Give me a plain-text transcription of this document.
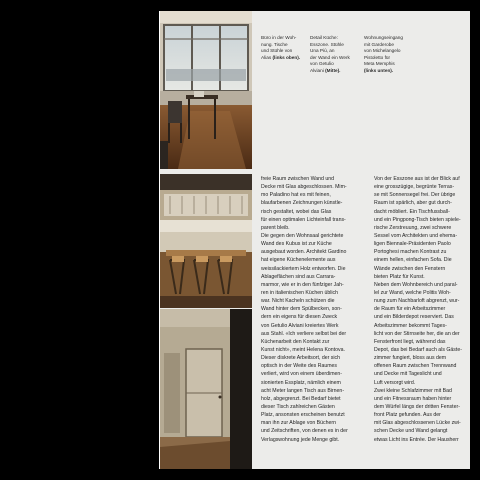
Büro in der Woh-
nung. Tische
und Stühle von
Alias (links oben).
Detail Küche:
Esszone. Stühle
Una Più, an
der Wand ein Werk
von Getulio
Alviani (Mitte).
Wohnungseingang
mit Garderobe
von Michelangelo
Pistoletto für
Meta Memphis
(links unten).
freie Raum zwischen Wand und
Decke mit Glas abgeschlossen. Mim-
mo Paladino hat es mit feinen,
blaufarbenen Zeichnungen künstle-
risch gestaltet, wobei das Glas
für einen optimalen Lichteinfall trans-
parent bleib.
Die gegen den Wohnsaal gerichtete
Wand des Kubus ist zur Küche
ausgebaut worden. Architekt Gardino
hat eigene Küchenelemente aus
weissilackiertem Holz entworfen. Die
Ablageflächen sind aus Carrara-
marmor, wie er in den fünfziger Jah-
ren in italienischen Küchen üblich
war. Nicht Kacheln schützen die
Wand hinter dem Spülbecken, son-
dern ein eigens für diesen Zweck
von Getulio Alviani kreiertes Werk
aus Stahl. «Ich verliere selbst bei der
Küchenarbeit den Kontakt zur
Kunst nicht», meint Helena Kontova.
Dieser diskrete Arbeitsort, der sich
optisch in der Weite des Raumes
verliert, wird von einem überdimen-
sionierten Essplatz, nämlich einem
acht Meter langen Tisch aus Birnen-
holz, abgegrenzt. Bei Bedarf bietet
dieser Tisch zahlreichen Gästen
Platz, ansonsten erscheinen benutzt
man ihn zur Ablage von Büchern
und Zeitschriften, von denen es in der
Verlagswohnung jede Menge gibt.
Von der Esszone aus ist der Blick auf
eine grosszügige, begrünte Terras-
se mit Sonnensegel frei. Der übrige
Raum ist spärlich, aber gut durch-
dacht möbliert. Ein Tischfussball-
und ein Pingpong-Tisch bieten spiele-
rische Zerstreuung, zwei schwere
Sessel vom Architekten und ehema-
ligen Biennale-Präsidenten Paolo
Portoghesi machen Kontrast zu
einem hellen, einfachen Sofa. Die
Wände zwischen den Fenstern
bieten Platz für Kunst.
Neben dem Wohnbereich und paral-
lel zur Wand, welche Politis Woh-
nung zum Nachbarloft abgrenzt, wur-
de Raum für ein Arbeitszimmer
und ein Bilderdepot reserviert. Das
Arbeitszimmer bekommt Tages-
licht von der Stirnseite her, die an der
Fensterfront liegt, während das
Depot, das bei Bedarf auch als Gäste-
zimmer fungiert, bloss aus dem
offenen Raum zwischen Trennwand
und Decke mit Tageslicht und
Luft versorgt wird.
Zwei kleine Schlafzimmer mit Bad
und ein Fitnessraum haben hinter
dem Würfel längs der dritten Fenster-
front Platz gefunden. Aus der
mit Glas abgeschlossenen Lücke zwi-
schen Decke und Wand gelangt
etwas Licht ins Entrée. Der Hausherr
